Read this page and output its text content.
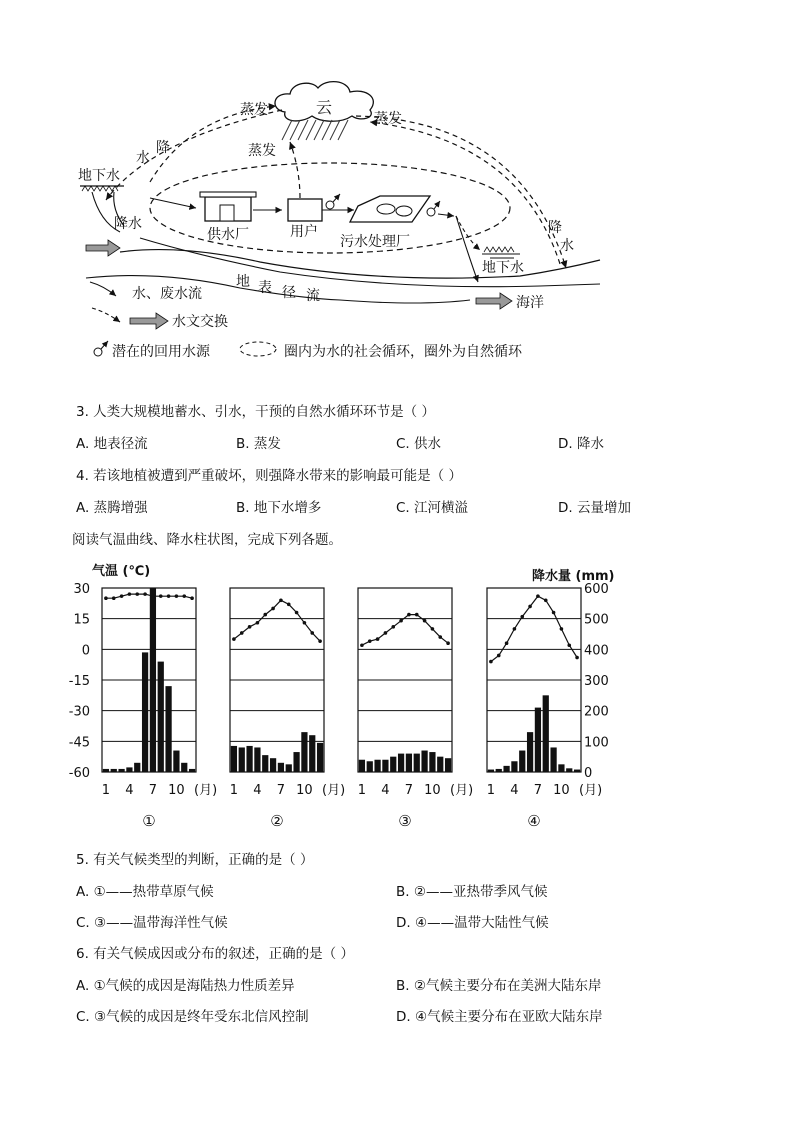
云
蒸发
蒸发
蒸发
水
降
地下水
降水
供水厂	用户
污水处理厂
地下水
降
水
地 表 径 流	海洋
水、废水流
水文交换
潜在的回用水源	圈内为水的社会循环，圈外为自然循环
3. 人类大规模地蓄水、引水，干预的自然水循环环节是（ ）
A. 地表径流	B. 蒸发	C. 供水	D. 降水
4. 若该地植被遭到严重破坏，则强降水带来的影响最可能是（ ）
A. 蒸腾增强	B. 地下水增多	C. 江河横溢	D. 云量增加
阅读气温曲线、降水柱状图，完成下列各题。
气温 (℃)	降水量 (mm)
30
15
0
-15
-30
-45
-60
600
500
400
300
200
100
0
1 4 7 10 (月)
①
1 4 7 10 (月)
②
1 4 7 10 (月)
③
1 4 7 10 (月)
④
5. 有关气候类型的判断，正确的是（ ）
A. ①——热带草原气候	B. ②——亚热带季风气候
C. ③——温带海洋性气候	D. ④——温带大陆性气候
6. 有关气候成因或分布的叙述，正确的是（ ）
A. ①气候的成因是海陆热力性质差异	B. ②气候主要分布在美洲大陆东岸
C. ③气候的成因是终年受东北信风控制	D. ④气候主要分布在亚欧大陆东岸
